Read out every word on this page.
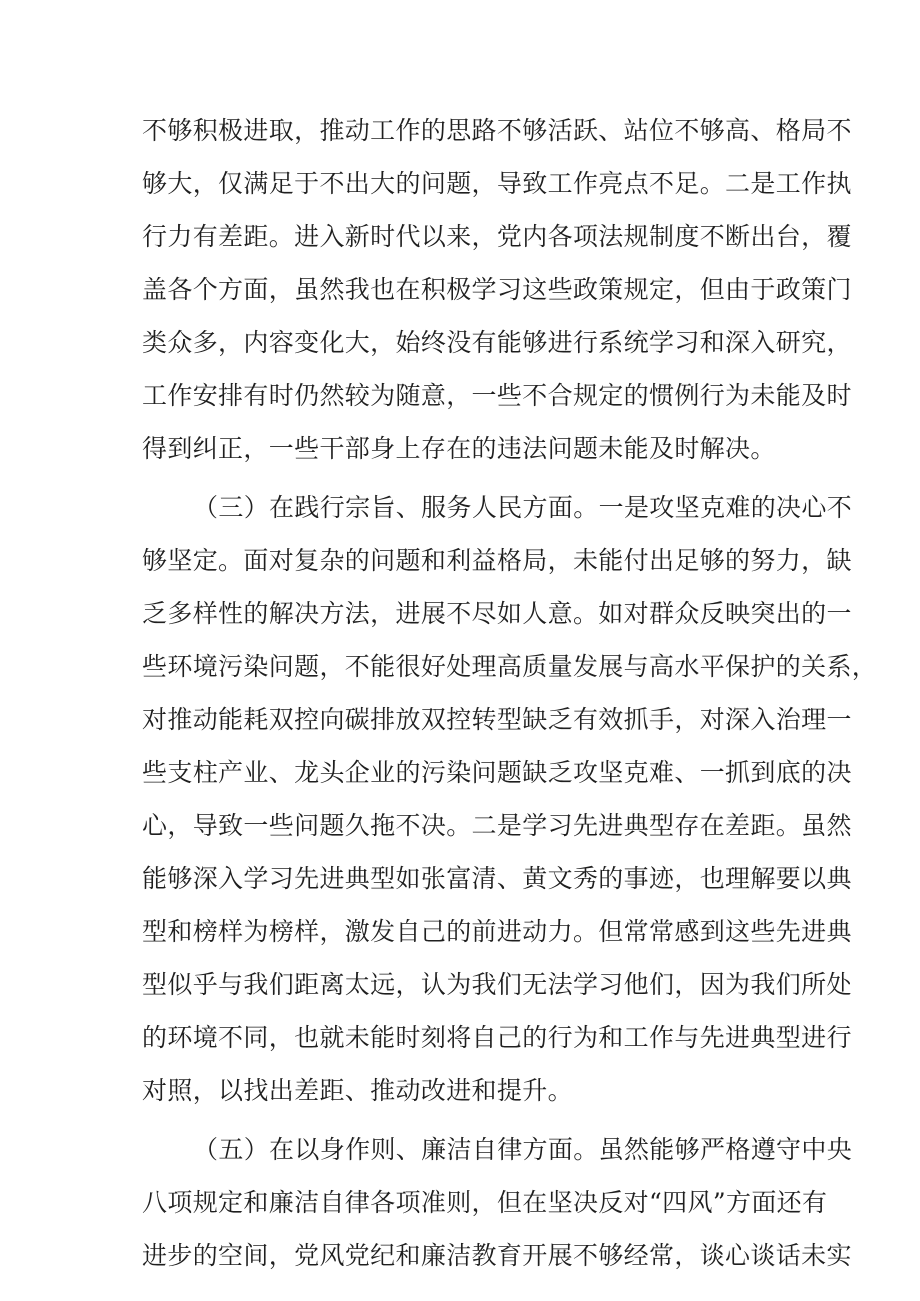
不够积极进取，推动工作的思路不够活跃、站位不够高、格局不

够大，仅满足于不出大的问题，导致工作亮点不足。二是工作执

行力有差距。进入新时代以来，党内各项法规制度不断出台，覆

盖各个方面，虽然我也在积极学习这些政策规定，但由于政策门

类众多，内容变化大，始终没有能够进行系统学习和深入研究，

工作安排有时仍然较为随意，一些不合规定的惯例行为未能及时

得到纠正，一些干部身上存在的违法问题未能及时解决。

（三）在践行宗旨、服务人民方面。一是攻坚克难的决心不

够坚定。面对复杂的问题和利益格局，未能付出足够的努力，缺

乏多样性的解决方法，进展不尽如人意。如对群众反映突出的一

些环境污染问题，不能很好处理高质量发展与高水平保护的关系，

对推动能耗双控向碳排放双控转型缺乏有效抓手，对深入治理一

些支柱产业、龙头企业的污染问题缺乏攻坚克难、一抓到底的决

心，导致一些问题久拖不决。二是学习先进典型存在差距。虽然

能够深入学习先进典型如张富清、黄文秀的事迹，也理解要以典

型和榜样为榜样，激发自己的前进动力。但常常感到这些先进典

型似乎与我们距离太远，认为我们无法学习他们，因为我们所处

的环境不同，也就未能时刻将自己的行为和工作与先进典型进行

对照，以找出差距、推动改进和提升。

（五）在以身作则、廉洁自律方面。虽然能够严格遵守中央

八项规定和廉洁自律各项准则，但在坚决反对“四风”方面还有

进步的空间，党风党纪和廉洁教育开展不够经常，谈心谈话未实
